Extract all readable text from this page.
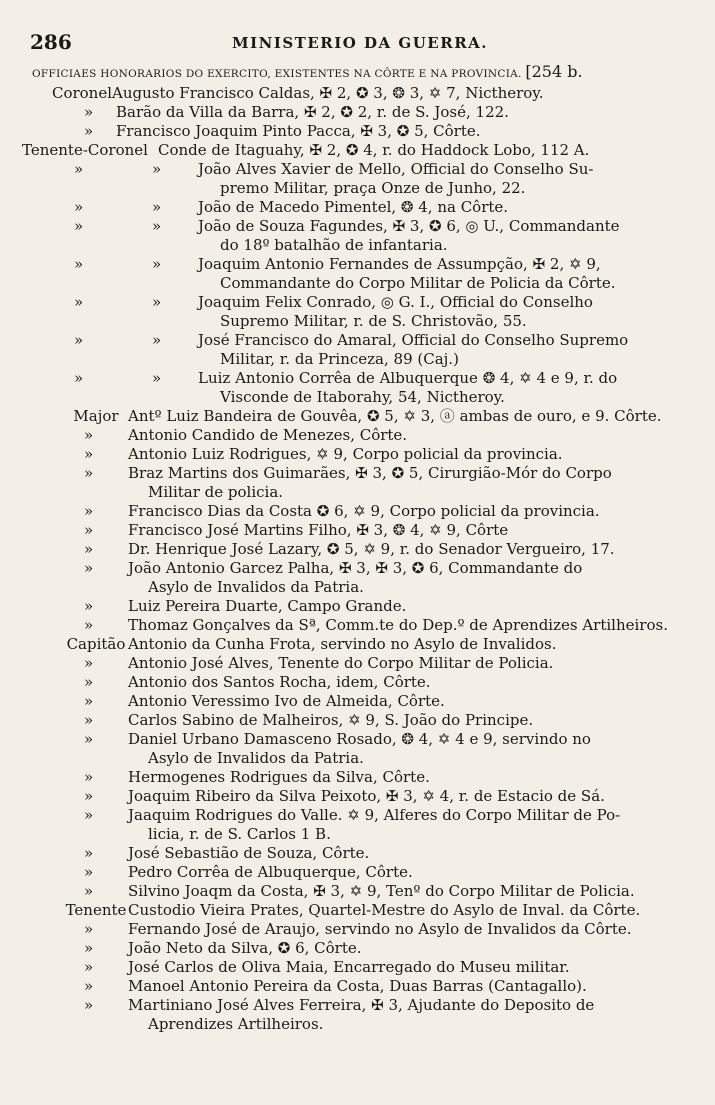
286	MINISTERIO DA GUERRA.
OFFICIAES HONORARIOS DO EXERCITO, EXISTENTES NA CÔRTE E NA PROVINCIA. [254 b.
Coronel Augusto Francisco Caldas, ✠ 2, ✪ 3, ❂ 3, ✡ 7, Nictheroy.
» Barão da Villa da Barra, ✠ 2, ✪ 2, r. de S. José, 122.
» Francisco Joaquim Pinto Pacca, ✠ 3, ✪ 5, Côrte.
Tenente-Coronel Conde de Itaguahy, ✠ 2, ✪ 4, r. do Haddock Lobo, 112 A.
»	» João Alves Xavier de Mello, Official do Conselho Su-
premo Militar, praça Onze de Junho, 22.
»	» João de Macedo Pimentel, ❂ 4, na Côrte.
»	» João de Souza Fagundes, ✠ 3, ✪ 6, ◎ U., Commandante
do 18º batalhão de infantaria.
»	» Joaquim Antonio Fernandes de Assumpção, ✠ 2, ✡ 9,
Commandante do Corpo Militar de Policia da Côrte.
»	» Joaquim Felix Conrado, ◎ G. I., Official do Conselho
Supremo Militar, r. de S. Christovão, 55.
»	» José Francisco do Amaral, Official do Conselho Supremo
Militar, r. da Princeza, 89 (Caj.)
»	» Luiz Antonio Corrêa de Albuquerque ❂ 4, ✡ 4 e 9, r. do
Visconde de Itaborahy, 54, Nictheroy.
Major Antº Luiz Bandeira de Gouvêa, ✪ 5, ✡ 3, ⓐ ambas de ouro, e 9. Côrte.
» Antonio Candido de Menezes, Côrte.
» Antonio Luiz Rodrigues, ✡ 9, Corpo policial da provincia.
» Braz Martins dos Guimarães, ✠ 3, ✪ 5, Cirurgião-Mór do Corpo
Militar de policia.
» Francisco Dias da Costa ✪ 6, ✡ 9, Corpo policial da provincia.
» Francisco José Martins Filho, ✠ 3, ❂ 4, ✡ 9, Côrte
» Dr. Henrique José Lazary, ✪ 5, ✡ 9, r. do Senador Vergueiro, 17.
» João Antonio Garcez Palha, ✠ 3, ✠ 3, ✪ 6, Commandante do
Asylo de Invalidos da Patria.
» Luiz Pereira Duarte, Campo Grande.
» Thomaz Gonçalves da Sª, Comm.te do Dep.º de Aprendizes Artilheiros.
Capitão Antonio da Cunha Frota, servindo no Asylo de Invalidos.
» Antonio José Alves, Tenente do Corpo Militar de Policia.
» Antonio dos Santos Rocha, idem, Côrte.
» Antonio Veressimo Ivo de Almeida, Côrte.
» Carlos Sabino de Malheiros, ✡ 9, S. João do Principe.
» Daniel Urbano Damasceno Rosado, ❂ 4, ✡ 4 e 9, servindo no
Asylo de Invalidos da Patria.
» Hermogenes Rodrigues da Silva, Côrte.
» Joaquim Ribeiro da Silva Peixoto, ✠ 3, ✡ 4, r. de Estacio de Sá.
» Jaaquim Rodrigues do Valle. ✡ 9, Alferes do Corpo Militar de Po-
licia, r. de S. Carlos 1 B.
» José Sebastião de Souza, Côrte.
» Pedro Corrêa de Albuquerque, Côrte.
» Silvino Joaqm da Costa, ✠ 3, ✡ 9, Tenº do Corpo Militar de Policia.
Tenente Custodio Vieira Prates, Quartel-Mestre do Asylo de Inval. da Côrte.
» Fernando José de Araujo, servindo no Asylo de Invalidos da Côrte.
» João Neto da Silva, ✪ 6, Côrte.
» José Carlos de Oliva Maia, Encarregado do Museu militar.
» Manoel Antonio Pereira da Costa, Duas Barras (Cantagallo).
» Martiniano José Alves Ferreira, ✠ 3, Ajudante do Deposito de
Aprendizes Artilheiros.
